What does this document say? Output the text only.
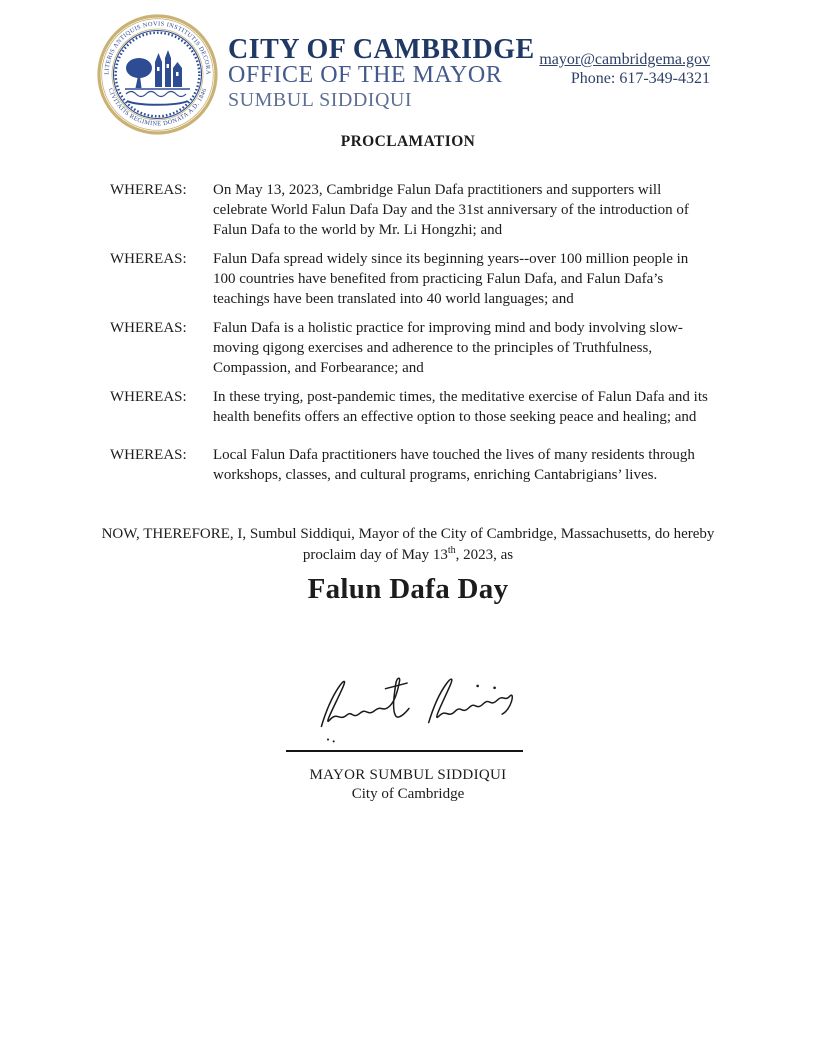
LITERIS ANTIQUIS NOVIS INSTITUTIS DECORA
CIVITATIS REGIMINE DONATA A.D. 1846
CITY OF CAMBRIDGE
OFFICE OF THE MAYOR
SUMBUL SIDDIQUI
mayor@cambridgema.gov
Phone: 617-349-4321
PROCLAMATION
WHEREAS:	On May 13, 2023, Cambridge Falun Dafa practitioners and supporters will celebrate World Falun Dafa Day and the 31st anniversary of the introduction of Falun Dafa to the world by Mr. Li Hongzhi; and
WHEREAS:	Falun Dafa spread widely since its beginning years--over 100 million people in 100 countries have benefited from practicing Falun Dafa, and Falun Dafa’s teachings have been translated into 40 world languages; and
WHEREAS:	Falun Dafa is a holistic practice for improving mind and body involving slow-moving qigong exercises and adherence to the principles of Truthfulness, Compassion, and Forbearance; and
WHEREAS:	In these trying, post-pandemic times, the meditative exercise of Falun Dafa and its health benefits offers an effective option to those seeking peace and healing; and
WHEREAS:	Local Falun Dafa practitioners have touched the lives of many residents through workshops, classes, and cultural programs, enriching Cantabrigians’ lives.
NOW, THEREFORE, I, Sumbul Siddiqui, Mayor of the City of Cambridge, Massachusetts, do hereby
proclaim day of May 13th, 2023, as
Falun Dafa Day
MAYOR SUMBUL SIDDIQUI
City of Cambridge
